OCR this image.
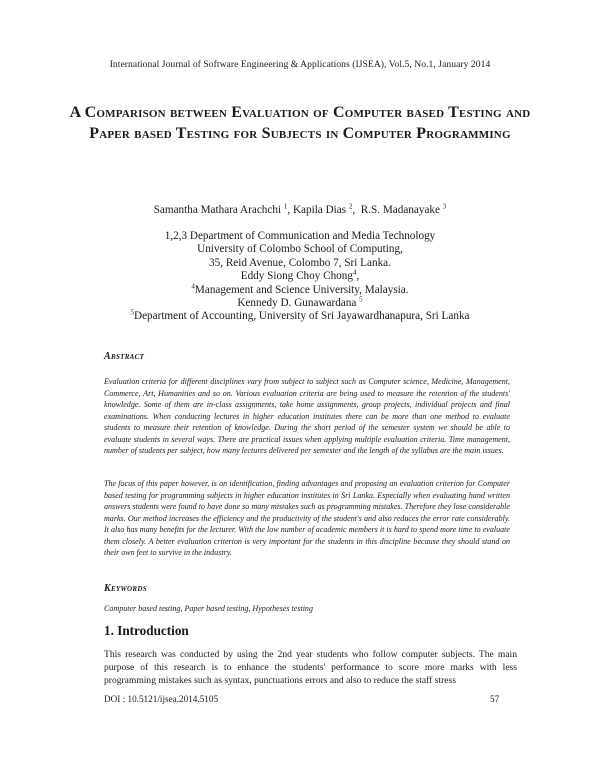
International Journal of Software Engineering & Applications (IJSEA), Vol.5, No.1, January 2014
A Comparison between Evaluation of Computer based Testing and Paper based Testing for Subjects in Computer Programming
Samantha Mathara Arachchi $^1$, Kapila Dias $^2$,  R.S. Madanayake $^3$
1,2,3 Department of Communication and Media Technology
University of Colombo School of Computing,
35, Reid Avenue, Colombo 7, Sri Lanka.
Eddy Siong Choy Chong$^4$,
$^4$Management and Science University, Malaysia.
Kennedy D. Gunawardana $^5$
$^5$Department of Accounting, University of Sri Jayawardhanapura, Sri Lanka
Abstract
Evaluation criteria for different disciplines vary from subject to subject such as Computer science, Medicine, Management, Commerce, Art, Humanities and so on. Various evaluation criteria are being used to measure the retention of the students' knowledge. Some of them are in-class assignments, take home assignments, group projects, individual projects and final examinations. When conducting lectures in higher education institutes there can be more than one method to evaluate students to measure their retention of knowledge. During the short period of the semester system we should be able to evaluate students in several ways. There are practical issues when applying multiple evaluation criteria. Time management, number of students per subject, how many lectures delivered per semester and the length of the syllabus are the main issues.
The focus of this paper however, is on identification, finding advantages and proposing an evaluation criterion for Computer based testing for programming subjects in higher education institutes in Sri Lanka. Especially when evaluating hand written answers students were found to have done so many mistakes such as programming mistakes. Therefore they lose considerable marks. Our method increases the efficiency and the productivity of the student's and also reduces the error rate considerably. It also has many benefits for the lecturer. With the low number of academic members it is hard to spend more time to evaluate them closely. A better evaluation criterion is very important for the students in this discipline because they should stand on their own feet to survive in the industry.
Keywords
Computer based testing, Paper based testing, Hypotheses testing
1. Introduction
This research was conducted by using the 2nd year students who follow computer subjects. The main purpose of this research is to enhance the students' performance to score more marks with less programming mistakes such as syntax, punctuations errors and also to reduce the staff stress
DOI : 10.5121/ijsea.2014.5105	57
